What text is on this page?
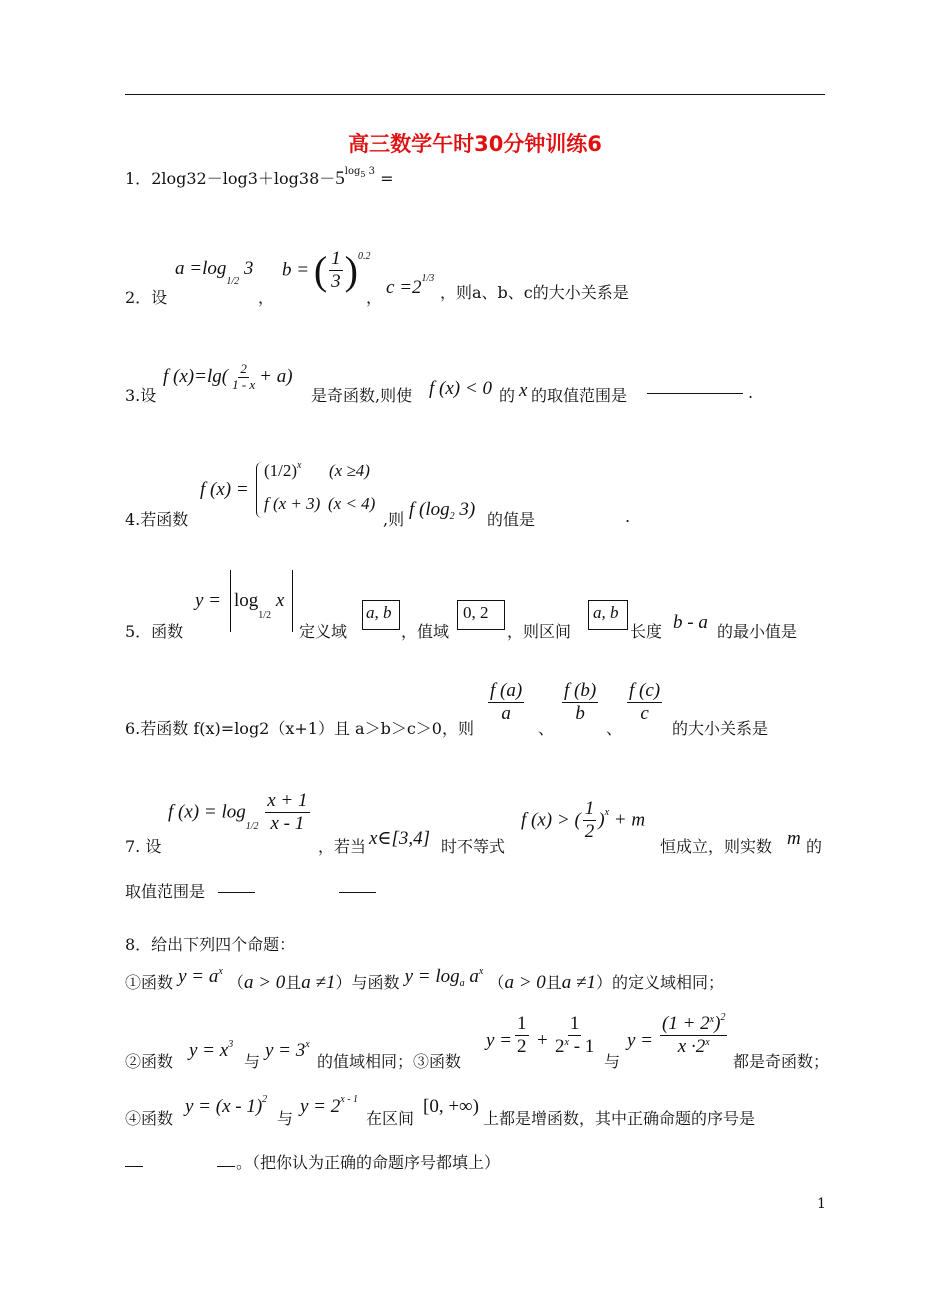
高三数学午时30分钟训练6
1．$2\log 32-\log 3+\log 38-5^{log_5 3}$ =
2．设
$a =\log_{1/2}$ 3
，
b = ( $\frac{1}{3} )^{0.2}$
， $c =2^{1/3}$
，则a、b、c的大小关系是
3.设
f $(x)=\lg( \frac{2}{1 - x} + a)$
是奇函数,则使 f (x) < 0 的 x 的取值范围是	.
4.若函数
f (x) =
$(1/2)^x$ (x ≥4)
f (x + 3) (x < 4)
,则 f ($\log_2$ 3) 的值是	.
5．函数
$y = \log_{1/2} x$
定义域
a, b
，值域
0, 2
，则区间
a, b
长度 b - a 的最小值是
6.若函数 f(x)=log2（x+1）且 a＞b＞c＞0，则
$\frac{f (a)}{a}$
、
$\frac{f (b)}{b}$
、
$\frac{f (c)}{c}$
的大小关系是
7. 设
f $(x) = \log_{1/2} \frac{x + 1}{x - 1}$
，若当 x∈[3,4] 时不等式
f (x) > ( $\frac{1}{2} )^x + m$
恒成立，则实数 m 的
取值范围是
8．给出下列四个命题：
①函数 $y = a^x$ （a > 0且a ≠1）与函数 $y = \log_a a^x$ （a > 0且a ≠1）的定义域相同；
②函数
$y = x^3$
与
$y = 3^x$
的值域相同；③函数
$y = \frac{1}{2} + \frac{1}{2^x - 1}$
与
$y = \frac{(1 + 2^x)^2}{x \cdot 2^x}$
都是奇函数；
④函数
y = (x - 1)$^2$
与
$y = 2^{x - 1}$
在区间
[0, +∞)
上都是增函数，其中正确命题的序号是
。（把你认为正确的命题序号都填上）
1
